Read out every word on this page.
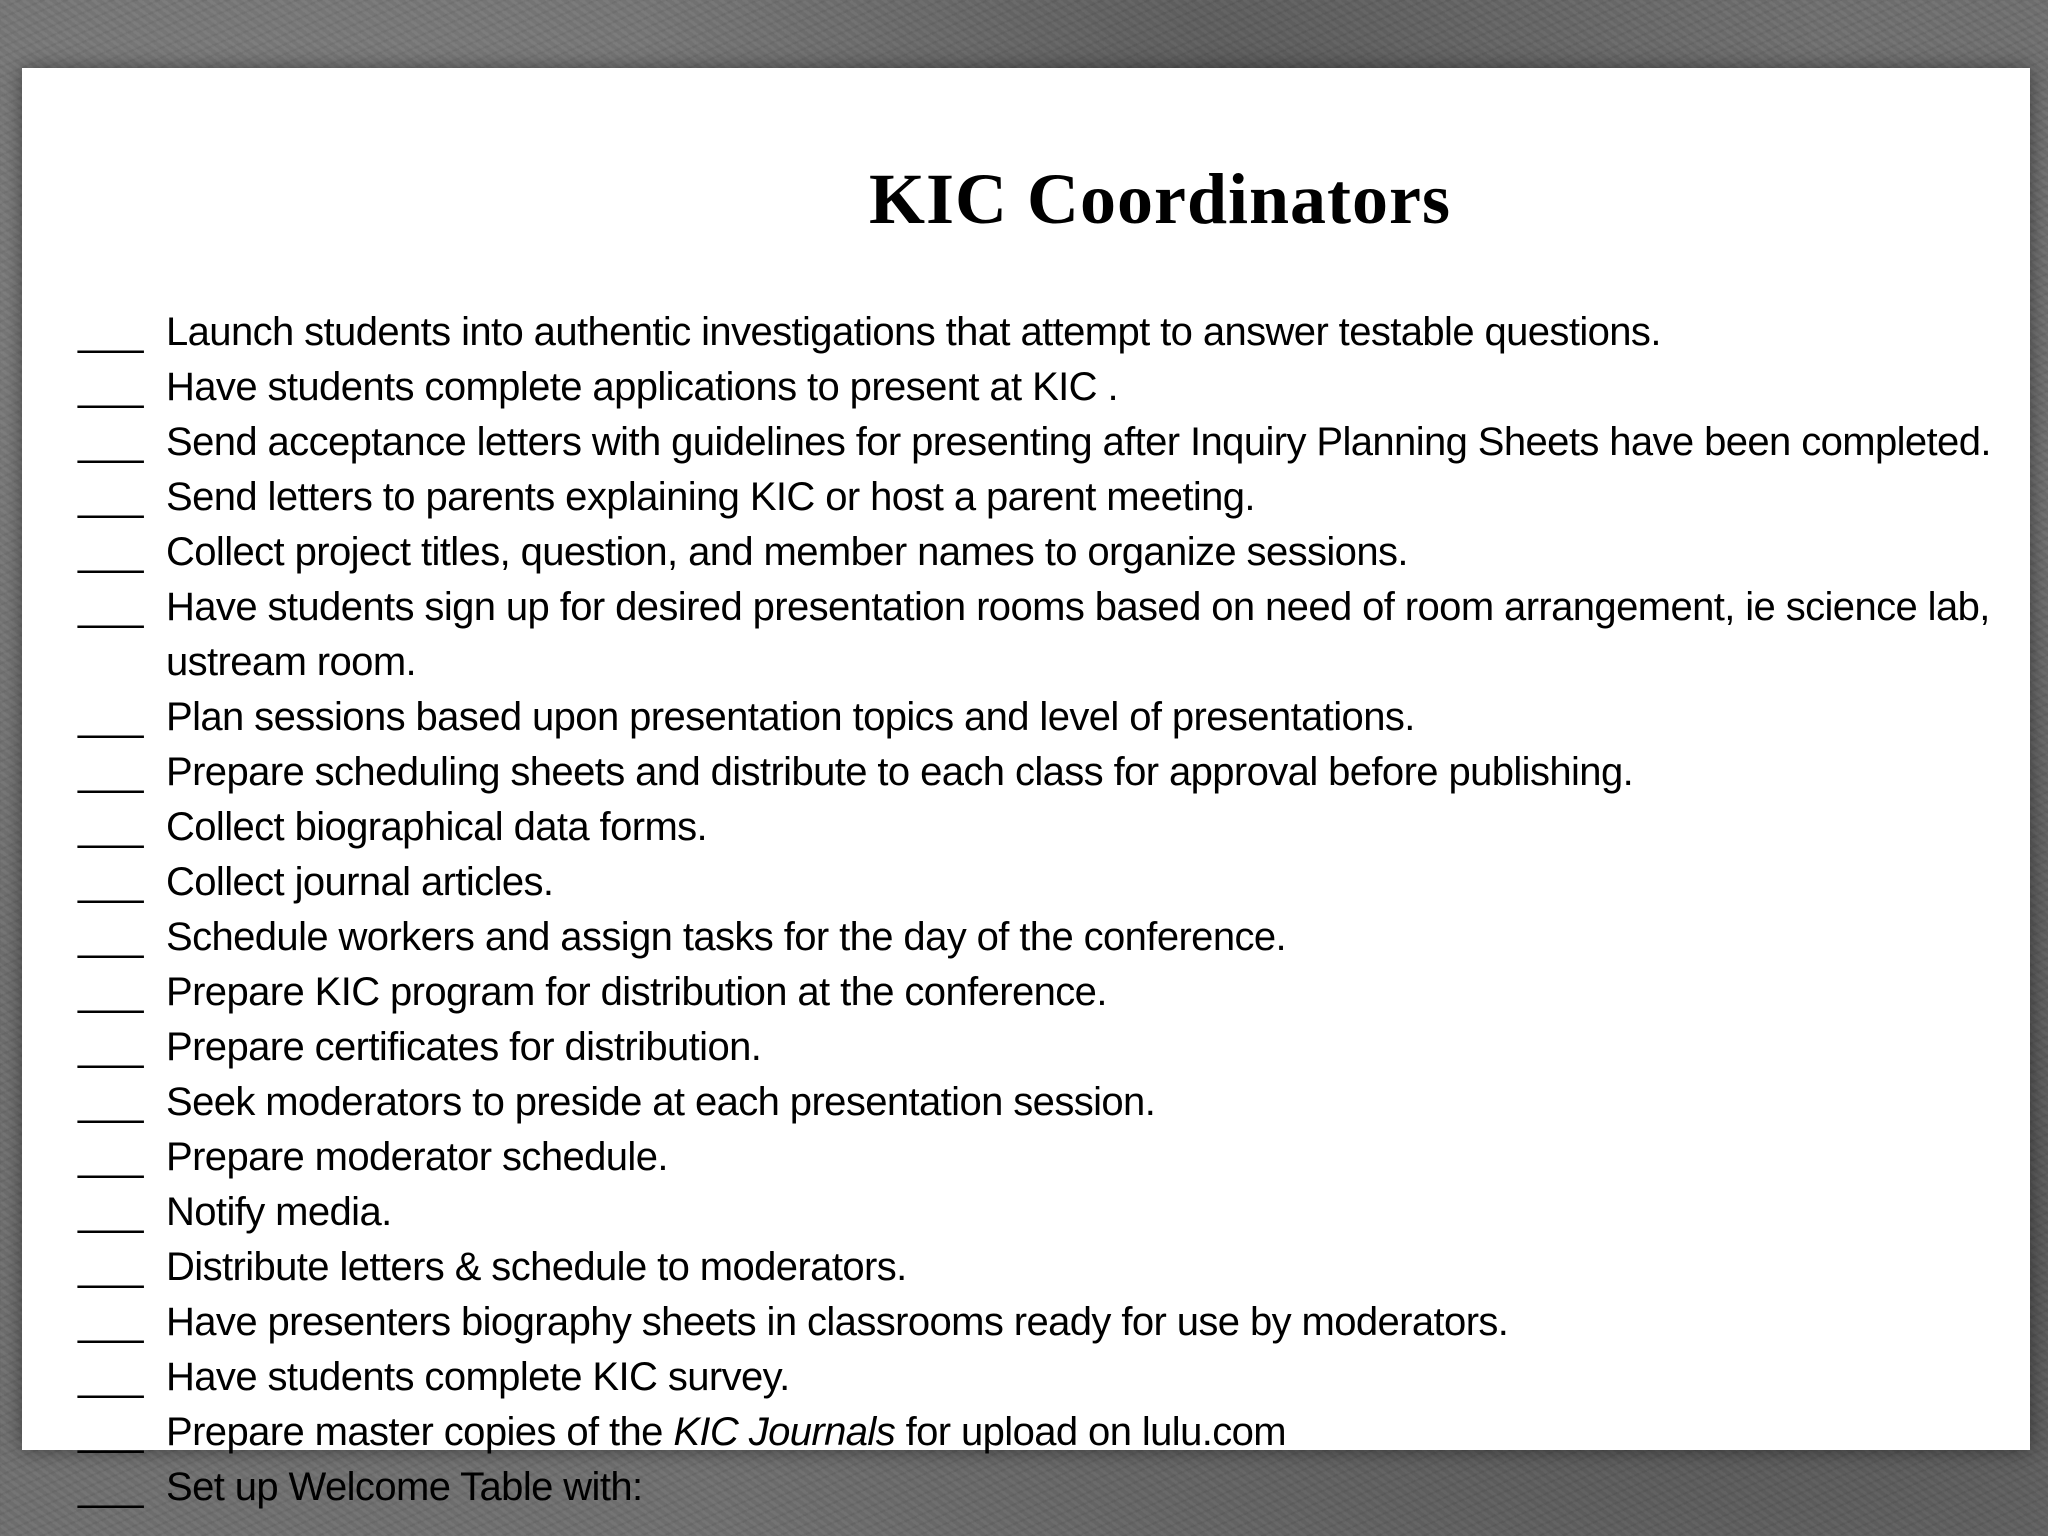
KIC Coordinators
___ Launch students into authentic investigations that attempt to answer testable questions.
___ Have students complete applications to present at KIC .
___ Send acceptance letters with guidelines for presenting after Inquiry Planning Sheets have been completed.
___ Send letters to parents explaining KIC or host a parent meeting.
___ Collect project titles, question, and member names to organize sessions.
___ Have students sign up for desired presentation rooms based on need of room arrangement, ie science lab, ustream room.
___ Plan sessions based upon presentation topics and level of presentations.
___ Prepare scheduling sheets and distribute to each class for approval before publishing.
___ Collect biographical data forms.
___ Collect journal articles.
___ Schedule workers and assign tasks for the day of the conference.
___ Prepare KIC program for distribution at the conference.
___ Prepare certificates for distribution.
___ Seek moderators to preside at each presentation session.
___ Prepare moderator schedule.
___ Notify media.
___ Distribute letters & schedule to moderators.
___ Have presenters biography sheets in classrooms ready for use by moderators.
___ Have students complete KIC survey.
___ Prepare master copies of the KIC Journals for upload on lulu.com
___ Set up Welcome Table with:
